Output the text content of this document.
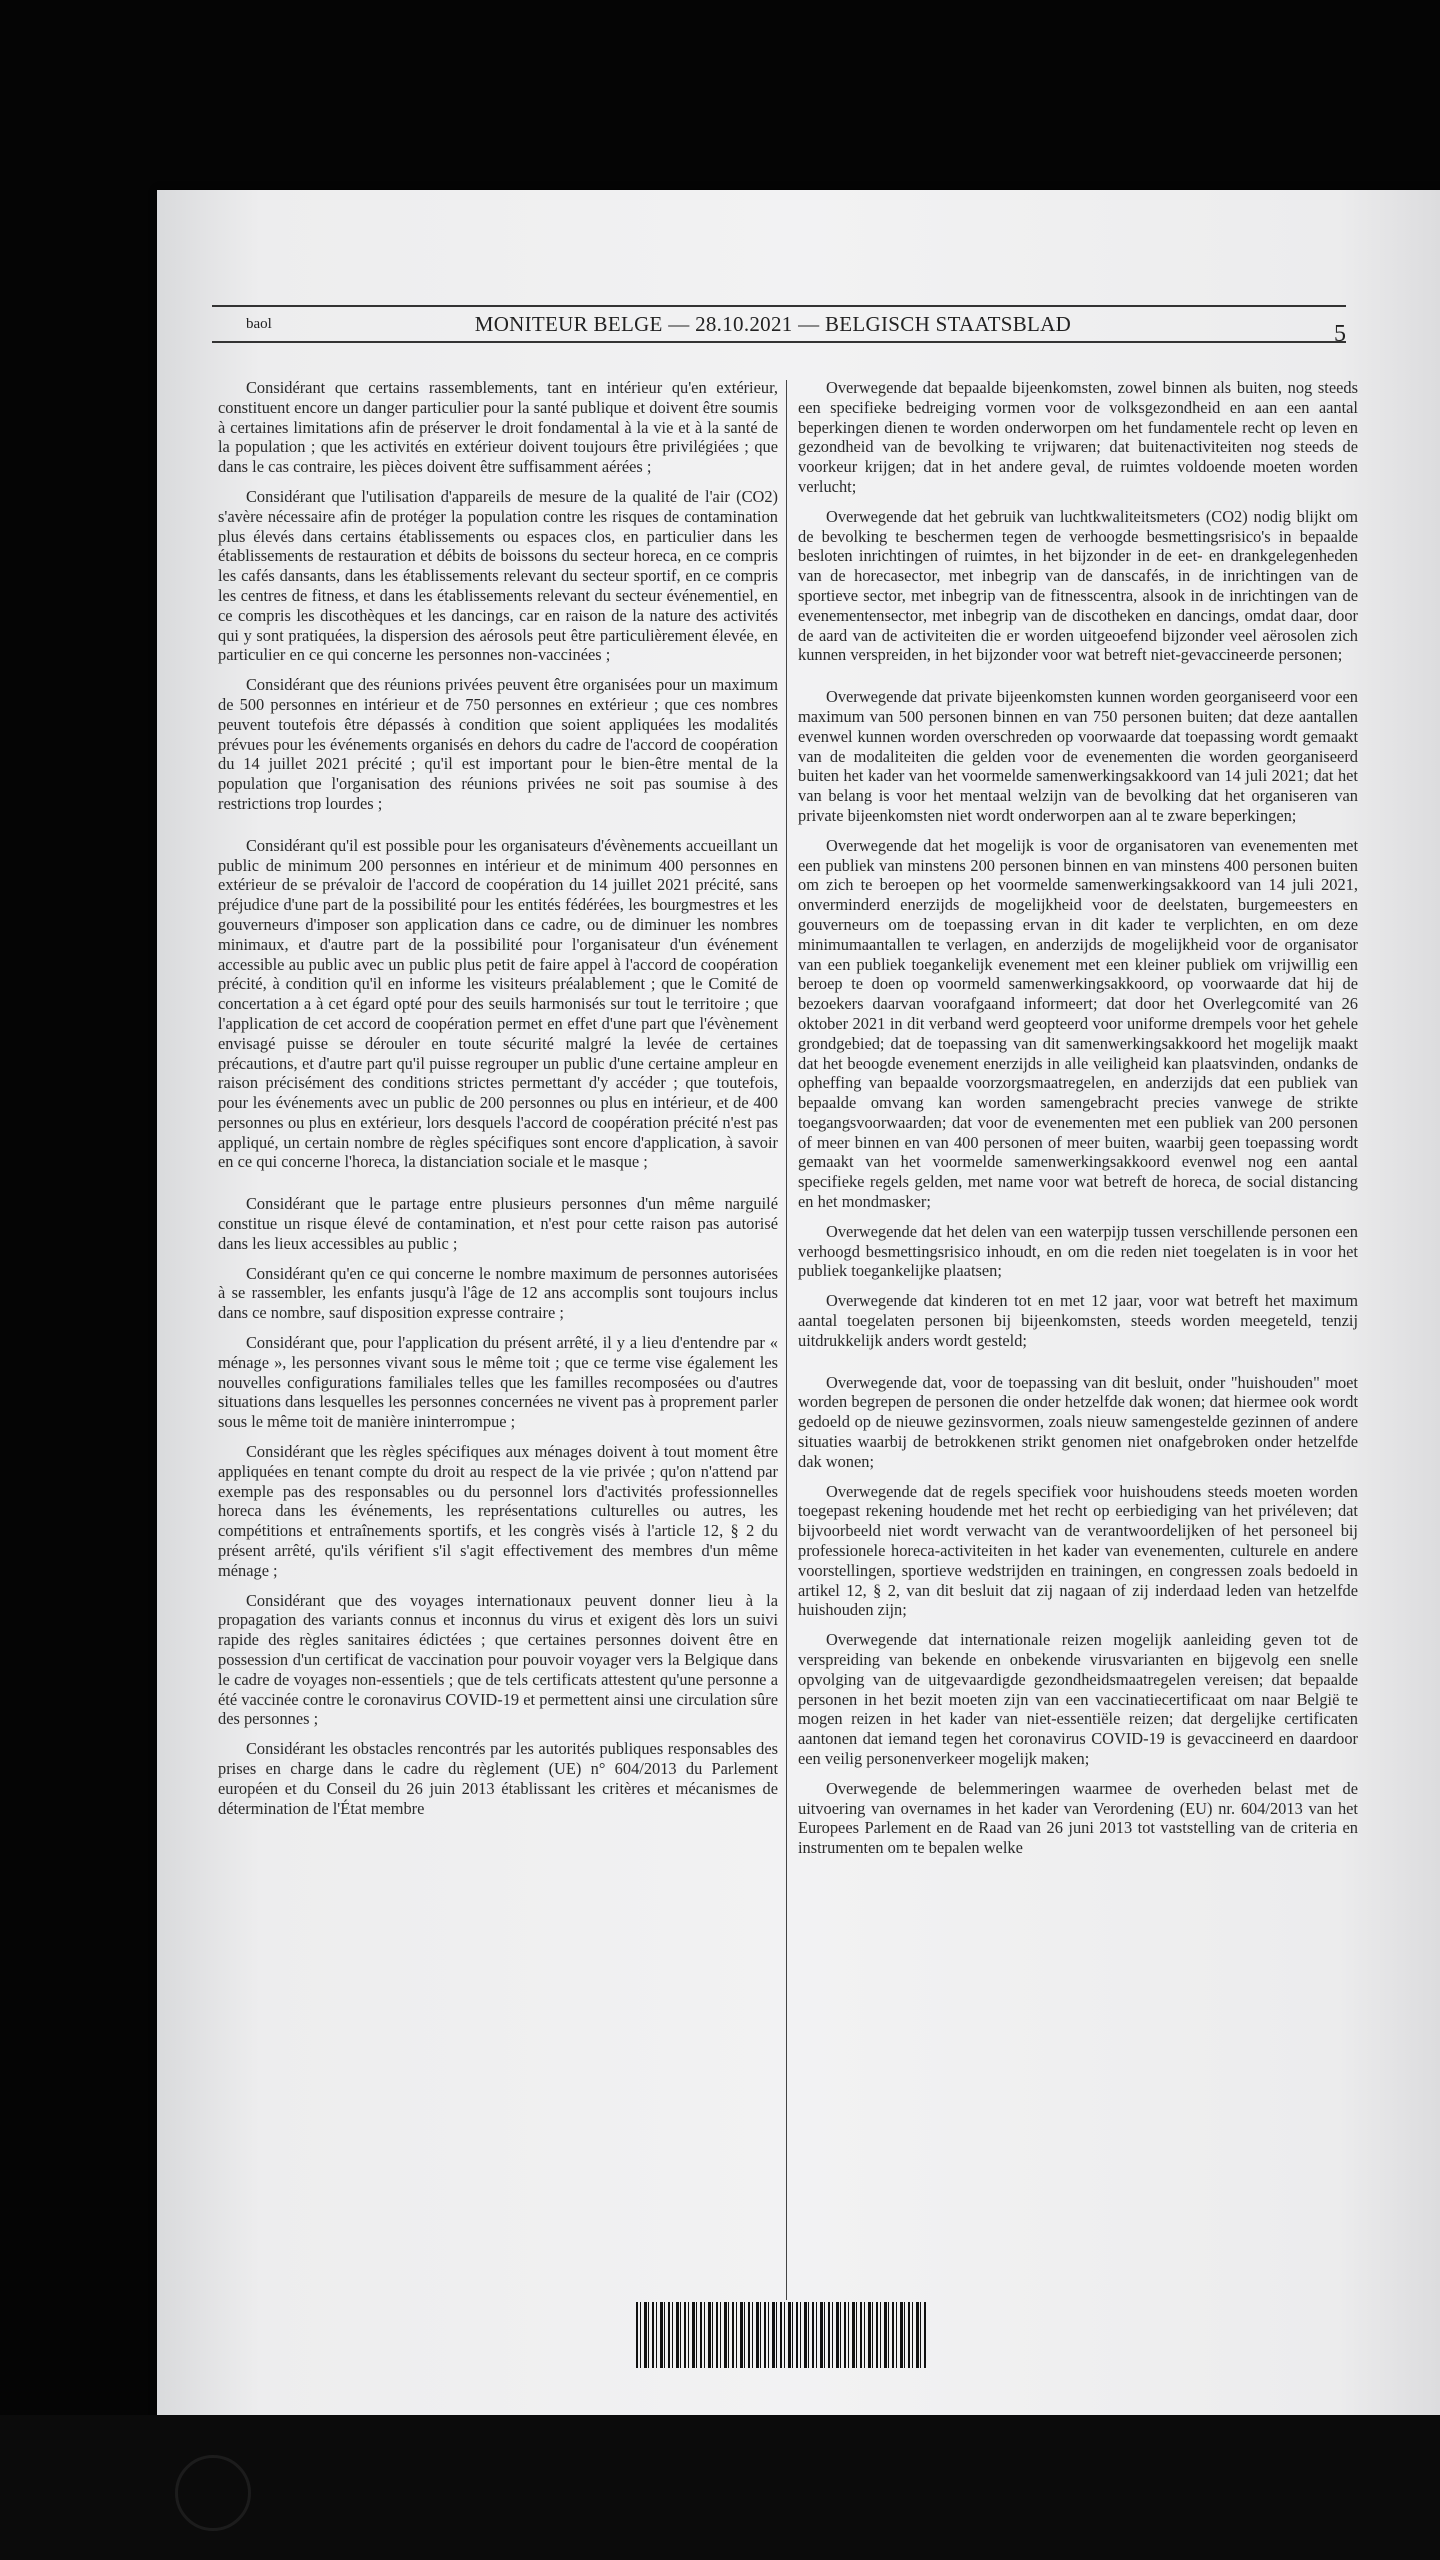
baol	MONITEUR BELGE — 28.10.2021 — BELGISCH STAATSBLAD	5

Considérant que certains rassemblements, tant en intérieur qu'en extérieur, constituent encore un danger particulier pour la santé publique et doivent être soumis à certaines limitations afin de préserver le droit fondamental à la vie et à la santé de la population ; que les activités en extérieur doivent toujours être privilégiées ; que dans le cas contraire, les pièces doivent être suffisamment aérées ;

Considérant que l'utilisation d'appareils de mesure de la qualité de l'air (CO2) s'avère nécessaire afin de protéger la population contre les risques de contamination plus élevés dans certains établissements ou espaces clos, en particulier dans les établissements de restauration et débits de boissons du secteur horeca, en ce compris les cafés dansants, dans les établissements relevant du secteur sportif, en ce compris les centres de fitness, et dans les établissements relevant du secteur événementiel, en ce compris les discothèques et les dancings, car en raison de la nature des activités qui y sont pratiquées, la dispersion des aérosols peut être particulièrement élevée, en particulier en ce qui concerne les personnes non-vaccinées ;

Considérant que des réunions privées peuvent être organisées pour un maximum de 500 personnes en intérieur et de 750 personnes en extérieur ; que ces nombres peuvent toutefois être dépassés à condition que soient appliquées les modalités prévues pour les événements organisés en dehors du cadre de l'accord de coopération du 14 juillet 2021 précité ; qu'il est important pour le bien-être mental de la population que l'organisation des réunions privées ne soit pas soumise à des restrictions trop lourdes ;

Considérant qu'il est possible pour les organisateurs d'évènements accueillant un public de minimum 200 personnes en intérieur et de minimum 400 personnes en extérieur de se prévaloir de l'accord de coopération du 14 juillet 2021 précité, sans préjudice d'une part de la possibilité pour les entités fédérées, les bourgmestres et les gouverneurs d'imposer son application dans ce cadre, ou de diminuer les nombres minimaux, et d'autre part de la possibilité pour l'organisateur d'un événement accessible au public avec un public plus petit de faire appel à l'accord de coopération précité, à condition qu'il en informe les visiteurs préalablement ; que le Comité de concertation a à cet égard opté pour des seuils harmonisés sur tout le territoire ; que l'application de cet accord de coopération permet en effet d'une part que l'évènement envisagé puisse se dérouler en toute sécurité malgré la levée de certaines précautions, et d'autre part qu'il puisse regrouper un public d'une certaine ampleur en raison précisément des conditions strictes permettant d'y accéder ; que toutefois, pour les événements avec un public de 200 personnes ou plus en intérieur, et de 400 personnes ou plus en extérieur, lors desquels l'accord de coopération précité n'est pas appliqué, un certain nombre de règles spécifiques sont encore d'application, à savoir en ce qui concerne l'horeca, la distanciation sociale et le masque ;

Considérant que le partage entre plusieurs personnes d'un même narguilé constitue un risque élevé de contamination, et n'est pour cette raison pas autorisé dans les lieux accessibles au public ;

Considérant qu'en ce qui concerne le nombre maximum de personnes autorisées à se rassembler, les enfants jusqu'à l'âge de 12 ans accomplis sont toujours inclus dans ce nombre, sauf disposition expresse contraire ;

Considérant que, pour l'application du présent arrêté, il y a lieu d'entendre par « ménage », les personnes vivant sous le même toit ; que ce terme vise également les nouvelles configurations familiales telles que les familles recomposées ou d'autres situations dans lesquelles les personnes concernées ne vivent pas à proprement parler sous le même toit de manière ininterrompue ;

Considérant que les règles spécifiques aux ménages doivent à tout moment être appliquées en tenant compte du droit au respect de la vie privée ; qu'on n'attend par exemple pas des responsables ou du personnel lors d'activités professionnelles horeca dans les événements, les représentations culturelles ou autres, les compétitions et entraînements sportifs, et les congrès visés à l'article 12, § 2 du présent arrêté, qu'ils vérifient s'il s'agit effectivement des membres d'un même ménage ;

Considérant que des voyages internationaux peuvent donner lieu à la propagation des variants connus et inconnus du virus et exigent dès lors un suivi rapide des règles sanitaires édictées ; que certaines personnes doivent être en possession d'un certificat de vaccination pour pouvoir voyager vers la Belgique dans le cadre de voyages non-essentiels ; que de tels certificats attestent qu'une personne a été vaccinée contre le coronavirus COVID-19 et permettent ainsi une circulation sûre des personnes ;

Considérant les obstacles rencontrés par les autorités publiques responsables des prises en charge dans le cadre du règlement (UE) n° 604/2013 du Parlement européen et du Conseil du 26 juin 2013 établissant les critères et mécanismes de détermination de l'État membre

Overwegende dat bepaalde bijeenkomsten, zowel binnen als buiten, nog steeds een specifieke bedreiging vormen voor de volksgezondheid en aan een aantal beperkingen dienen te worden onderworpen om het fundamentele recht op leven en gezondheid van de bevolking te vrijwaren; dat buitenactiviteiten nog steeds de voorkeur krijgen; dat in het andere geval, de ruimtes voldoende moeten worden verlucht;

Overwegende dat het gebruik van luchtkwaliteitsmeters (CO2) nodig blijkt om de bevolking te beschermen tegen de verhoogde besmettingsrisico's in bepaalde besloten inrichtingen of ruimtes, in het bijzonder in de eet- en drankgelegenheden van de horecasector, met inbegrip van de danscafés, in de inrichtingen van de sportieve sector, met inbegrip van de fitnesscentra, alsook in de inrichtingen van de evenementensector, met inbegrip van de discotheken en dancings, omdat daar, door de aard van de activiteiten die er worden uitgeoefend bijzonder veel aërosolen zich kunnen verspreiden, in het bijzonder voor wat betreft niet-gevaccineerde personen;

Overwegende dat private bijeenkomsten kunnen worden georganiseerd voor een maximum van 500 personen binnen en van 750 personen buiten; dat deze aantallen evenwel kunnen worden overschreden op voorwaarde dat toepassing wordt gemaakt van de modaliteiten die gelden voor de evenementen die worden georganiseerd buiten het kader van het voormelde samenwerkingsakkoord van 14 juli 2021; dat het van belang is voor het mentaal welzijn van de bevolking dat het organiseren van private bijeenkomsten niet wordt onderworpen aan al te zware beperkingen;

Overwegende dat het mogelijk is voor de organisatoren van evenementen met een publiek van minstens 200 personen binnen en van minstens 400 personen buiten om zich te beroepen op het voormelde samenwerkingsakkoord van 14 juli 2021, onverminderd enerzijds de mogelijkheid voor de deelstaten, burgemeesters en gouverneurs om de toepassing ervan in dit kader te verplichten, en om deze minimumaantallen te verlagen, en anderzijds de mogelijkheid voor de organisator van een publiek toegankelijk evenement met een kleiner publiek om vrijwillig een beroep te doen op voormeld samenwerkingsakkoord, op voorwaarde dat hij de bezoekers daarvan voorafgaand informeert; dat door het Overlegcomité van 26 oktober 2021 in dit verband werd geopteerd voor uniforme drempels voor het gehele grondgebied; dat de toepassing van dit samenwerkingsakkoord het mogelijk maakt dat het beoogde evenement enerzijds in alle veiligheid kan plaatsvinden, ondanks de opheffing van bepaalde voorzorgsmaatregelen, en anderzijds dat een publiek van bepaalde omvang kan worden samengebracht precies vanwege de strikte toegangsvoorwaarden; dat voor de evenementen met een publiek van 200 personen of meer binnen en van 400 personen of meer buiten, waarbij geen toepassing wordt gemaakt van het voormelde samenwerkingsakkoord evenwel nog een aantal specifieke regels gelden, met name voor wat betreft de horeca, de social distancing en het mondmasker;

Overwegende dat het delen van een waterpijp tussen verschillende personen een verhoogd besmettingsrisico inhoudt, en om die reden niet toegelaten is in voor het publiek toegankelijke plaatsen;

Overwegende dat kinderen tot en met 12 jaar, voor wat betreft het maximum aantal toegelaten personen bij bijeenkomsten, steeds worden meegeteld, tenzij uitdrukkelijk anders wordt gesteld;

Overwegende dat, voor de toepassing van dit besluit, onder "huishouden" moet worden begrepen de personen die onder hetzelfde dak wonen; dat hiermee ook wordt gedoeld op de nieuwe gezinsvormen, zoals nieuw samengestelde gezinnen of andere situaties waarbij de betrokkenen strikt genomen niet onafgebroken onder hetzelfde dak wonen;

Overwegende dat de regels specifiek voor huishoudens steeds moeten worden toegepast rekening houdende met het recht op eerbiediging van het privéleven; dat bijvoorbeeld niet wordt verwacht van de verantwoordelijken of het personeel bij professionele horeca-activiteiten in het kader van evenementen, culturele en andere voorstellingen, sportieve wedstrijden en trainingen, en congressen zoals bedoeld in artikel 12, § 2, van dit besluit dat zij nagaan of zij inderdaad leden van hetzelfde huishouden zijn;

Overwegende dat internationale reizen mogelijk aanleiding geven tot de verspreiding van bekende en onbekende virusvarianten en bijgevolg een snelle opvolging van de uitgevaardigde gezondheidsmaatregelen vereisen; dat bepaalde personen in het bezit moeten zijn van een vaccinatiecertificaat om naar België te mogen reizen in het kader van niet-essentiële reizen; dat dergelijke certificaten aantonen dat iemand tegen het coronavirus COVID-19 is gevaccineerd en daardoor een veilig personenverkeer mogelijk maken;

Overwegende de belemmeringen waarmee de overheden belast met de uitvoering van overnames in het kader van Verordening (EU) nr. 604/2013 van het Europees Parlement en de Raad van 26 juni 2013 tot vaststelling van de criteria en instrumenten om te bepalen welke
